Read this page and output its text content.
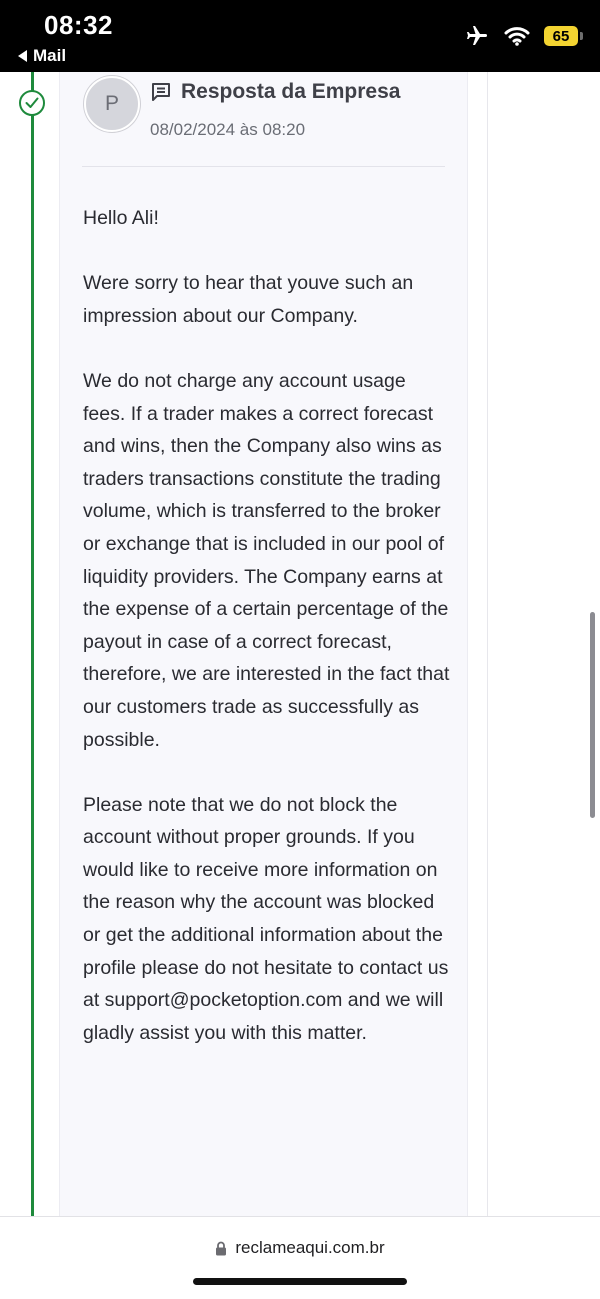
08:32
Mail
65
P
Resposta da Empresa
08/02/2024 às 08:20

Hello Ali!

Were sorry to hear that youve such an impression about our Company.

We do not charge any account usage fees. If a trader makes a correct forecast and wins, then the Company also wins as traders transactions constitute the trading volume, which is transferred to the broker or exchange that is included in our pool of liquidity providers. The Company earns at the expense of a certain percentage of the payout in case of a correct forecast, therefore, we are interested in the fact that our customers trade as successfully as possible.

Please note that we do not block the account without proper grounds. If you would like to receive more information on the reason why the account was blocked or get the additional information about the profile please do not hesitate to contact us at support@pocketoption.com and we will gladly assist you with this matter.

reclameaqui.com.br
